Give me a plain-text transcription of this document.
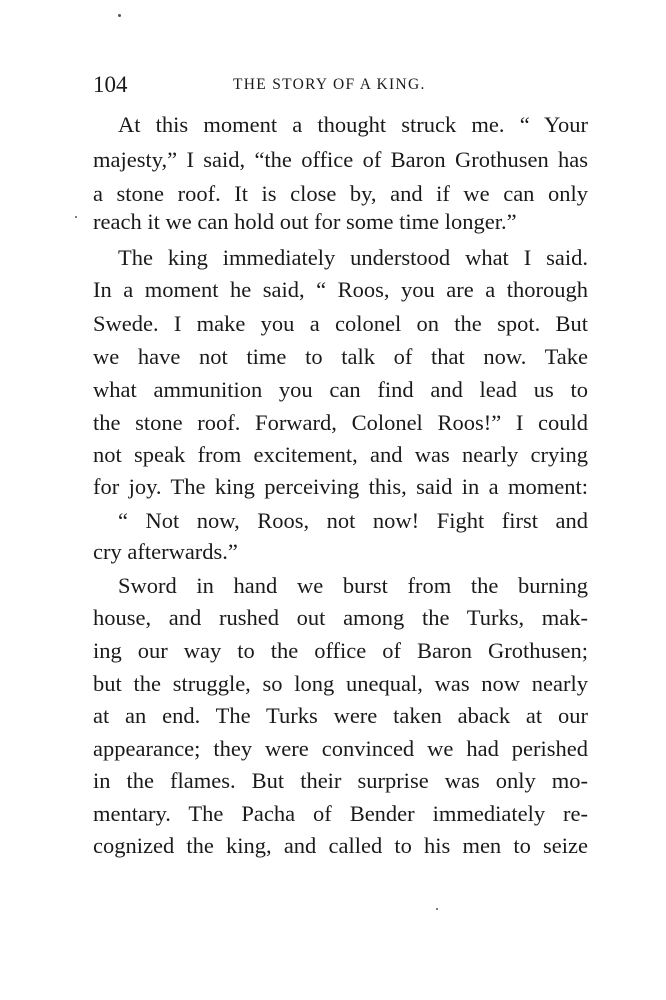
104	THE STORY OF A KING.
At this moment a thought struck me. “ Your
majesty,” I said, “the office of Baron Grothusen has
a stone roof. It is close by, and if we can only
reach it we can hold out for some time longer.”
The king immediately understood what I said.
In a moment he said, “ Roos, you are a thorough
Swede. I make you a colonel on the spot. But
we have not time to talk of that now. Take
what ammunition you can find and lead us to
the stone roof. Forward, Colonel Roos!” I could
not speak from excitement, and was nearly crying
for joy. The king perceiving this, said in a moment:
“ Not now, Roos, not now! Fight first and
cry afterwards.”
Sword in hand we burst from the burning
house, and rushed out among the Turks, mak-
ing our way to the office of Baron Grothusen;
but the struggle, so long unequal, was now nearly
at an end. The Turks were taken aback at our
appearance; they were convinced we had perished
in the flames. But their surprise was only mo-
mentary. The Pacha of Bender immediately re-
cognized the king, and called to his men to seize
